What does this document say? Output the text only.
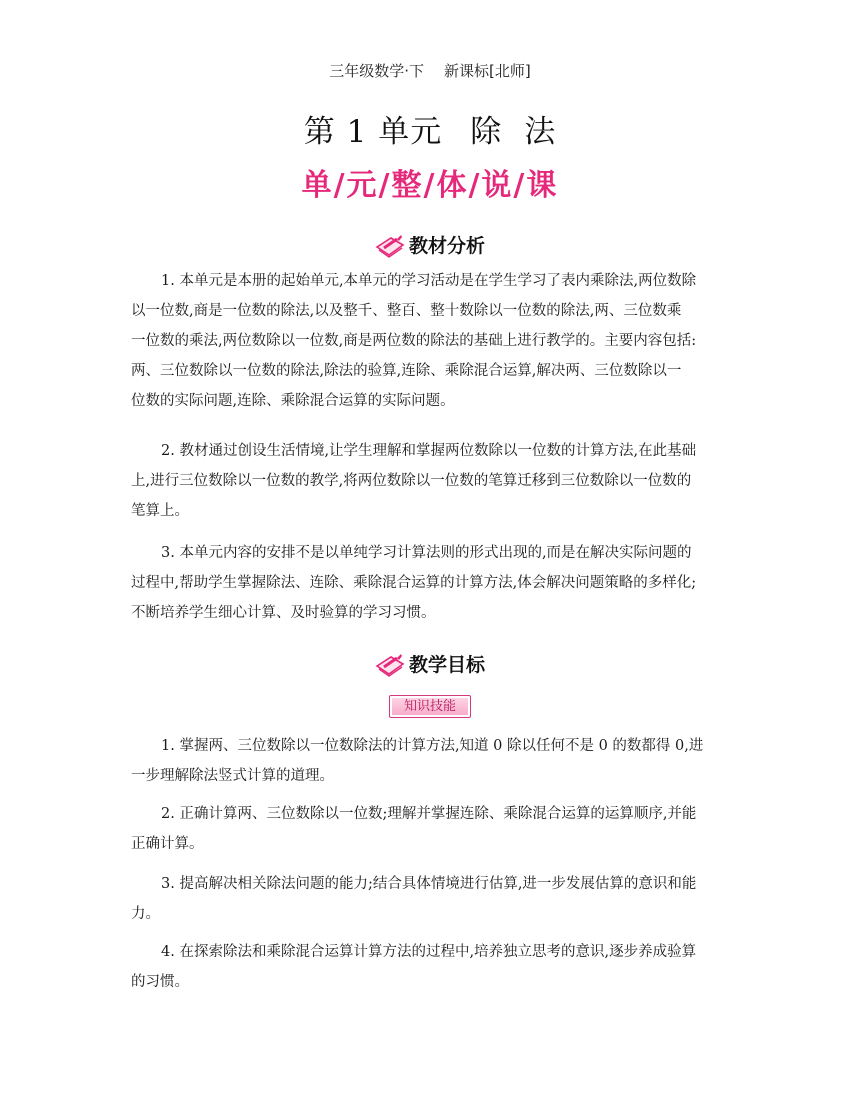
三年级数学·下 新课标[北师]
第 1 单元 除 法
单/元/整/体/说/课
教材分析
1. 本单元是本册的起始单元,本单元的学习活动是在学生学习了表内乘除法,两位数除
以一位数,商是一位数的除法,以及整千、整百、整十数除以一位数的除法,两、三位数乘
一位数的乘法,两位数除以一位数,商是两位数的除法的基础上进行教学的。主要内容包括:
两、三位数除以一位数的除法,除法的验算,连除、乘除混合运算,解决两、三位数除以一
位数的实际问题,连除、乘除混合运算的实际问题。
2. 教材通过创设生活情境,让学生理解和掌握两位数除以一位数的计算方法,在此基础
上,进行三位数除以一位数的教学,将两位数除以一位数的笔算迁移到三位数除以一位数的
笔算上。
3. 本单元内容的安排不是以单纯学习计算法则的形式出现的,而是在解决实际问题的
过程中,帮助学生掌握除法、连除、乘除混合运算的计算方法,体会解决问题策略的多样化;
不断培养学生细心计算、及时验算的学习习惯。
教学目标
知识技能
1. 掌握两、三位数除以一位数除法的计算方法,知道 0 除以任何不是 0 的数都得 0,进
一步理解除法竖式计算的道理。
2. 正确计算两、三位数除以一位数;理解并掌握连除、乘除混合运算的运算顺序,并能
正确计算。
3. 提高解决相关除法问题的能力;结合具体情境进行估算,进一步发展估算的意识和能
力。
4. 在探索除法和乘除混合运算计算方法的过程中,培养独立思考的意识,逐步养成验算
的习惯。
